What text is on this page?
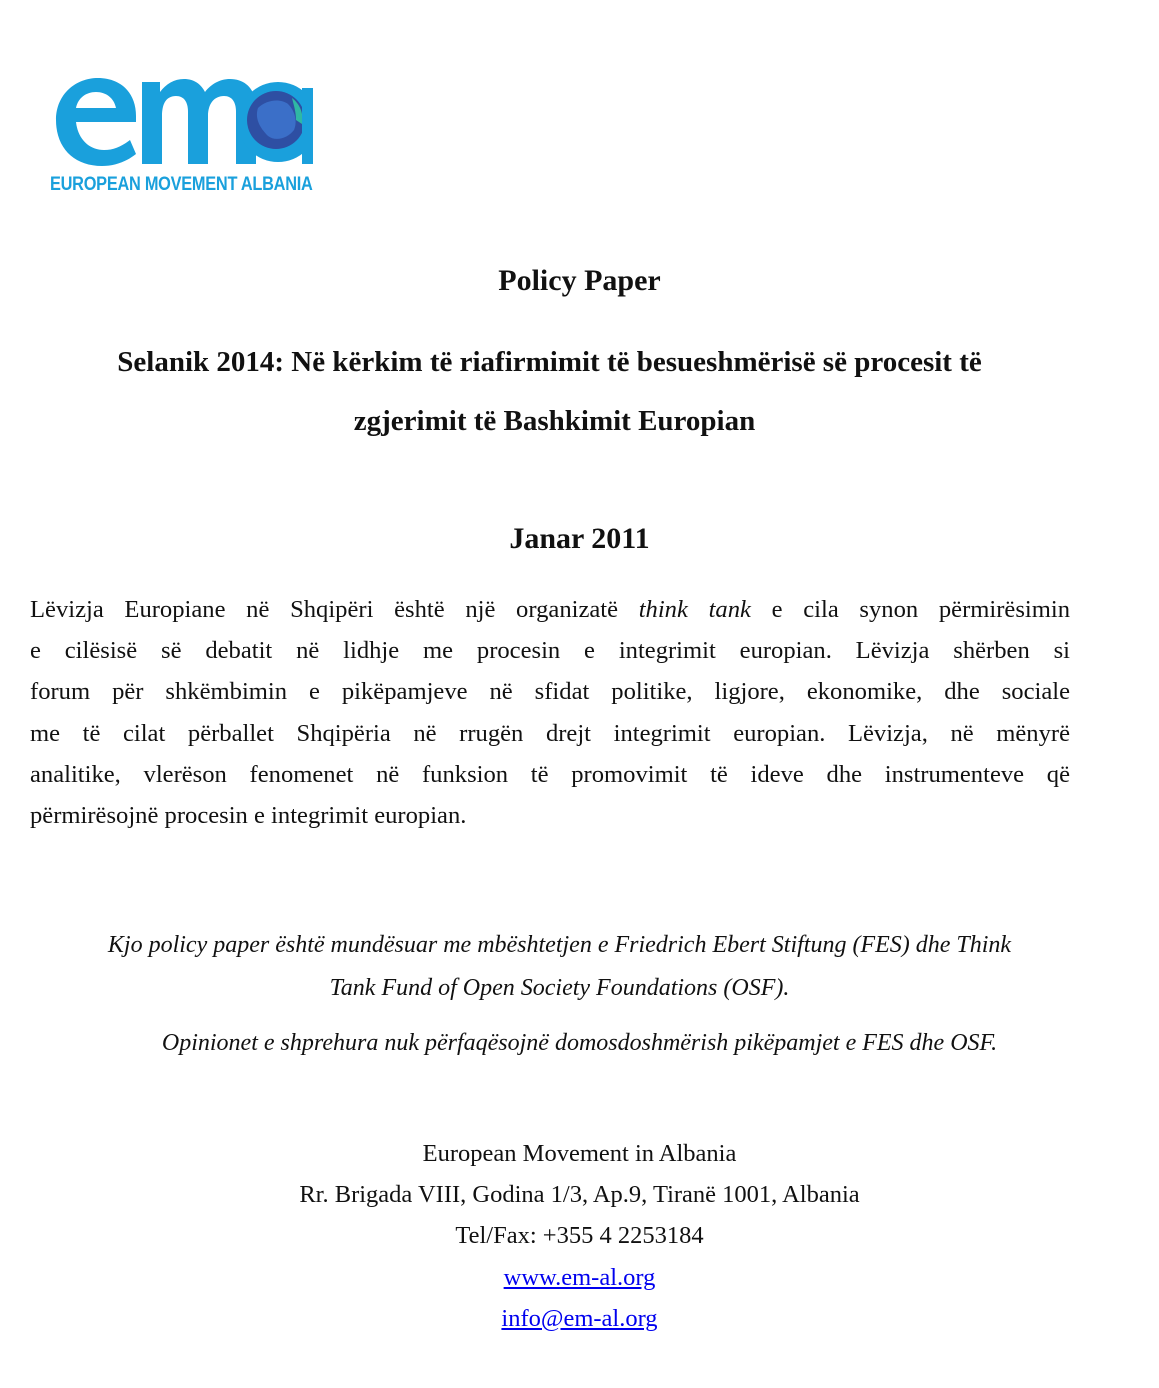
EUROPEAN MOVEMENT ALBANIA
Policy Paper
Selanik 2014: Në kërkim të riafirmimit të besueshmërisë së procesit të
zgjerimit të Bashkimit Europian
Janar 2011
Lëvizja Europiane në Shqipëri është një organizatë think tank e cila synon përmirësimin
e cilësisë së debatit në lidhje me procesin e integrimit europian. Lëvizja shërben si
forum për shkëmbimin e pikëpamjeve në sfidat politike, ligjore, ekonomike, dhe sociale
me të cilat përballet Shqipëria në rrugën drejt integrimit europian. Lëvizja, në mënyrë
analitike, vlerëson fenomenet në funksion të promovimit të ideve dhe instrumenteve që
përmirësojnë procesin e integrimit europian.
Kjo policy paper është mundësuar me mbështetjen e Friedrich Ebert Stiftung (FES) dhe Think
Tank Fund of Open Society Foundations (OSF).
Opinionet e shprehura nuk përfaqësojnë domosdoshmërish pikëpamjet e FES dhe OSF.
European Movement in Albania
Rr. Brigada VIII, Godina 1/3, Ap.9, Tiranë 1001, Albania
Tel/Fax: +355 4 2253184
www.em-al.org
info@em-al.org
